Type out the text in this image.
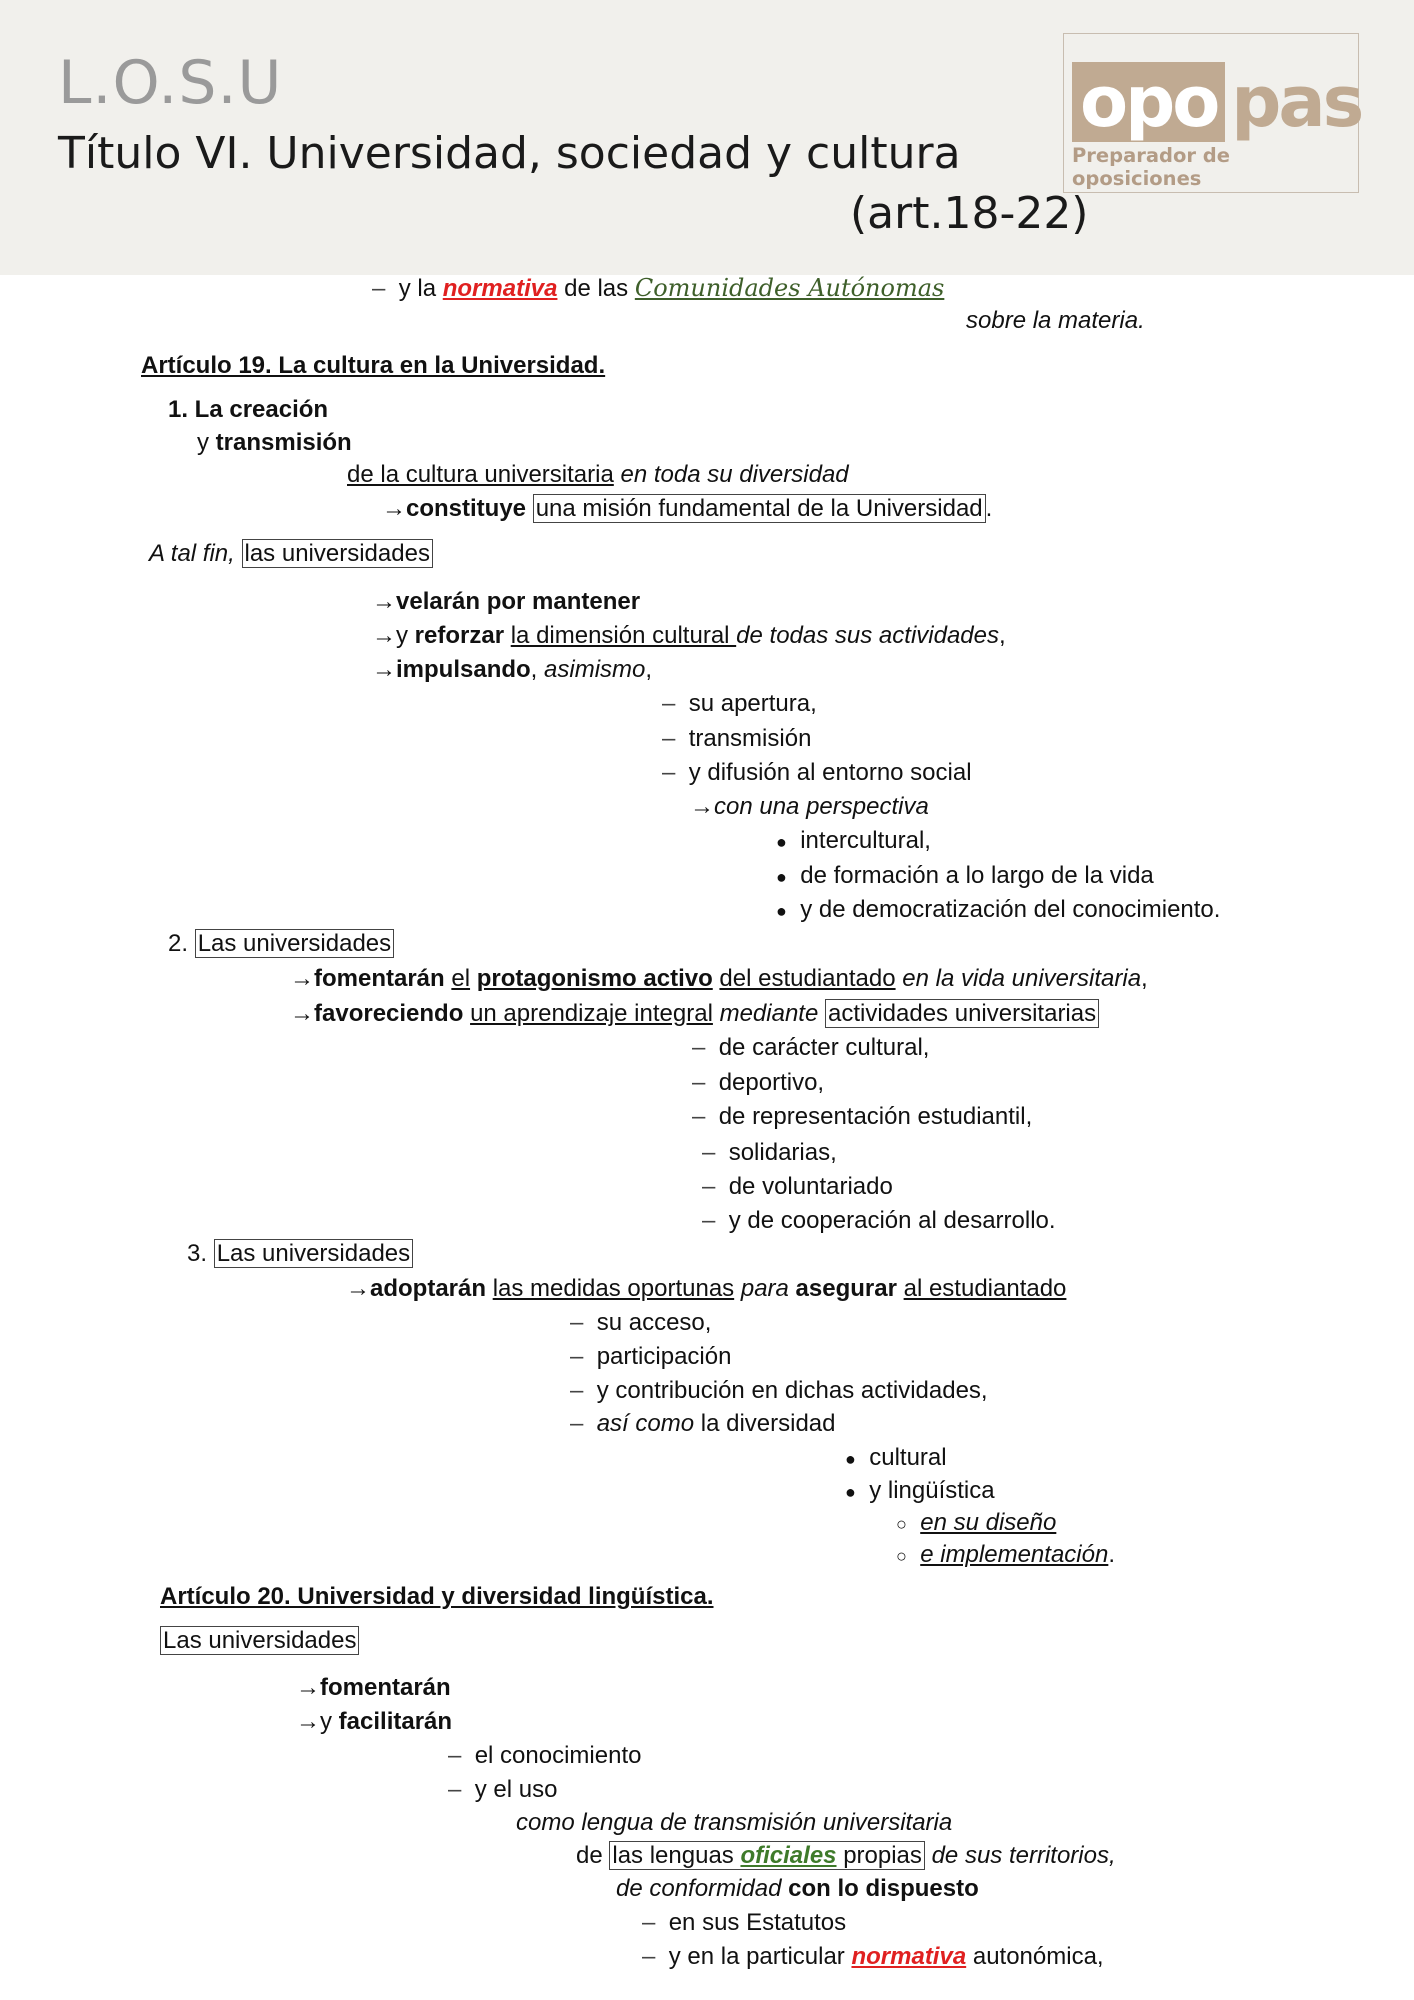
L.O.S.U
Título VI. Universidad, sociedad y cultura
(art.18-22)
opo pas
Preparador de oposiciones
– y la normativa de las Comunidades Autónomas
sobre la materia.
Artículo 19. La cultura en la Universidad.
1. La creación
y transmisión
de la cultura universitaria en toda su diversidad
→constituye una misión fundamental de la Universidad .
A tal fin, las universidades
→velarán por mantener
→y reforzar la dimensión cultural de todas sus actividades,
→impulsando, asimismo,
– su apertura,
– transmisión
– y difusión al entorno social
→con una perspectiva
● intercultural,
● de formación a lo largo de la vida
● y de democratización del conocimiento.
2. Las universidades
→fomentarán el protagonismo activo del estudiantado en la vida universitaria,
→favoreciendo un aprendizaje integral mediante actividades universitarias
– de carácter cultural,
– deportivo,
– de representación estudiantil,
– solidarias,
– de voluntariado
– y de cooperación al desarrollo.
3. Las universidades
→adoptarán las medidas oportunas para asegurar al estudiantado
– su acceso,
– participación
– y contribución en dichas actividades,
– así como la diversidad
● cultural
● y lingüística
○ en su diseño
○ e implementación.
Artículo 20. Universidad y diversidad lingüística.
Las universidades
→fomentarán
→y facilitarán
– el conocimiento
– y el uso
como lengua de transmisión universitaria
de las lenguas oficiales propias de sus territorios,
de conformidad con lo dispuesto
– en sus Estatutos
– y en la particular normativa autonómica,
